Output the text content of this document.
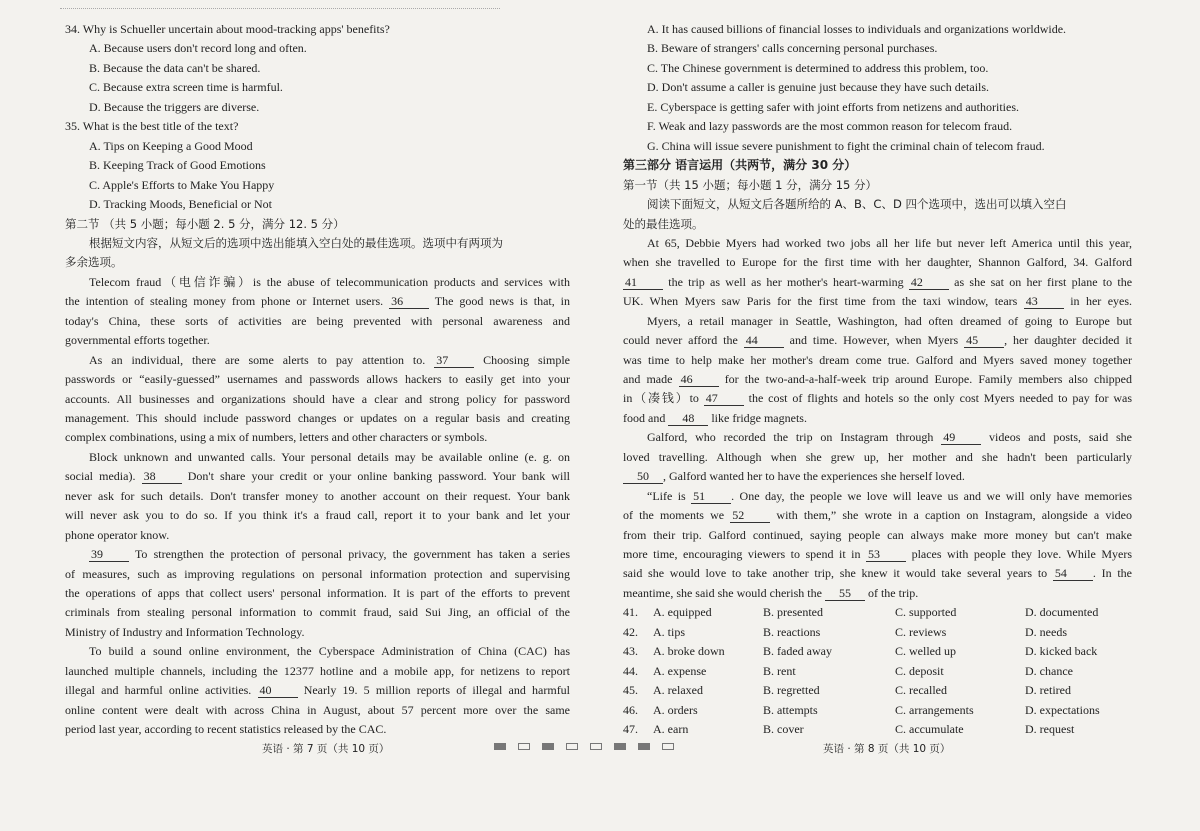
34. Why is Schueller uncertain about mood-tracking apps' benefits?
A. Because users don't record long and often.
B. Because the data can't be shared.
C. Because extra screen time is harmful.
D. Because the triggers are diverse.
35. What is the best title of the text?
A. Tips on Keeping a Good Mood
B. Keeping Track of Good Emotions
C. Apple's Efforts to Make You Happy
D. Tracking Moods, Beneficial or Not
第二节 （共 5 小题；每小题 2. 5 分，满分 12. 5 分）
根据短文内容，从短文后的选项中选出能填入空白处的最佳选项。选项中有两项为
多余选项。
Telecom fraud（电信诈骗）is the abuse of telecommunication products and services with
the intention of stealing money from phone or Internet users. 36	The good news is that, in
today's China, these sorts of activities are being prevented with personal awareness and
governmental efforts together.
As an individual, there are some alerts to pay attention to. 37	Choosing simple
passwords or “easily-guessed” usernames and passwords allows hackers to easily get into your
accounts. All businesses and organizations should have a clear and strong policy for password
management. This should include password changes or updates on a regular basis and creating
complex combinations, using a mix of numbers, letters and other characters or symbols.
Block unknown and unwanted calls. Your personal details may be available online (e. g. on
social media). 38	Don't share your credit or your online banking password. Your bank will
never ask for such details. Don't transfer money to another account on their request. Your bank
will never ask you to do so. If you think it's a fraud call, report it to your bank and let your
phone operator know.
39	To strengthen the protection of personal privacy, the government has taken a series
of measures, such as improving regulations on personal information protection and supervising
the operations of apps that collect users' personal information. It is part of the efforts to prevent
criminals from stealing personal information to commit fraud, said Sui Jing, an official of the
Ministry of Industry and Information Technology.
To build a sound online environment, the Cyberspace Administration of China (CAC) has
launched multiple channels, including the 12377 hotline and a mobile app, for netizens to report
illegal and harmful online activities. 40	Nearly 19. 5 million reports of illegal and harmful
online content were dealt with across China in August, about 57 percent more over the same
period last year, according to recent statistics released by the CAC.
英语 · 第 7 页（共 10 页）
A. It has caused billions of financial losses to individuals and organizations worldwide.
B. Beware of strangers' calls concerning personal purchases.
C. The Chinese government is determined to address this problem, too.
D. Don't assume a caller is genuine just because they have such details.
E. Cyberspace is getting safer with joint efforts from netizens and authorities.
F. Weak and lazy passwords are the most common reason for telecom fraud.
G. China will issue severe punishment to fight the criminal chain of telecom fraud.
第三部分 语言运用（共两节，满分 30 分）
第一节（共 15 小题；每小题 1 分，满分 15 分）
阅读下面短文，从短文后各题所给的 A、B、C、D 四个选项中，选出可以填入空白
处的最佳选项。
At 65, Debbie Myers had worked two jobs all her life but never left America until this year,
when she travelled to Europe for the first time with her daughter, Shannon Galford, 34. Galford
41	the trip as well as her mother's heart-warming 42	as she sat on her first plane to the
UK. When Myers saw Paris for the first time from the taxi window, tears 43	in her eyes.
Myers, a retail manager in Seattle, Washington, had often dreamed of going to Europe but
could never afford the 44	and time. However, when Myers 45 , her daughter decided it
was time to help make her mother's dream come true. Galford and Myers saved money together
and made 46	for the two-and-a-half-week trip around Europe. Family members also chipped
in（凑钱）to 47	the cost of flights and hotels so the only cost Myers needed to pay for was
food and 48 like fridge magnets.
Galford, who recorded the trip on Instagram through 49	videos and posts, said she
loved travelling. Although when she grew up, her mother and she hadn't been particularly
50 , Galford wanted her to have the experiences she herself loved.
“Life is 51 . One day, the people we love will leave us and we will only have memories
of the moments we 52	with them,” she wrote in a caption on Instagram, alongside a video
from their trip. Galford continued, saying people can always make more money but can't make
more time, encouraging viewers to spend it in 53	places with people they love. While Myers
said she would love to take another trip, she knew it would take several years to 54 . In the
meantime, she said she would cherish the 55 of the trip.
41.	A. equipped	B. presented	C. supported	D. documented
42.	A. tips	B. reactions	C. reviews	D. needs
43.	A. broke down	B. faded away	C. welled up	D. kicked back
44.	A. expense	B. rent	C. deposit	D. chance
45.	A. relaxed	B. regretted	C. recalled	D. retired
46.	A. orders	B. attempts	C. arrangements	D. expectations
47.	A. earn	B. cover	C. accumulate	D. request
英语 · 第 8 页（共 10 页）
